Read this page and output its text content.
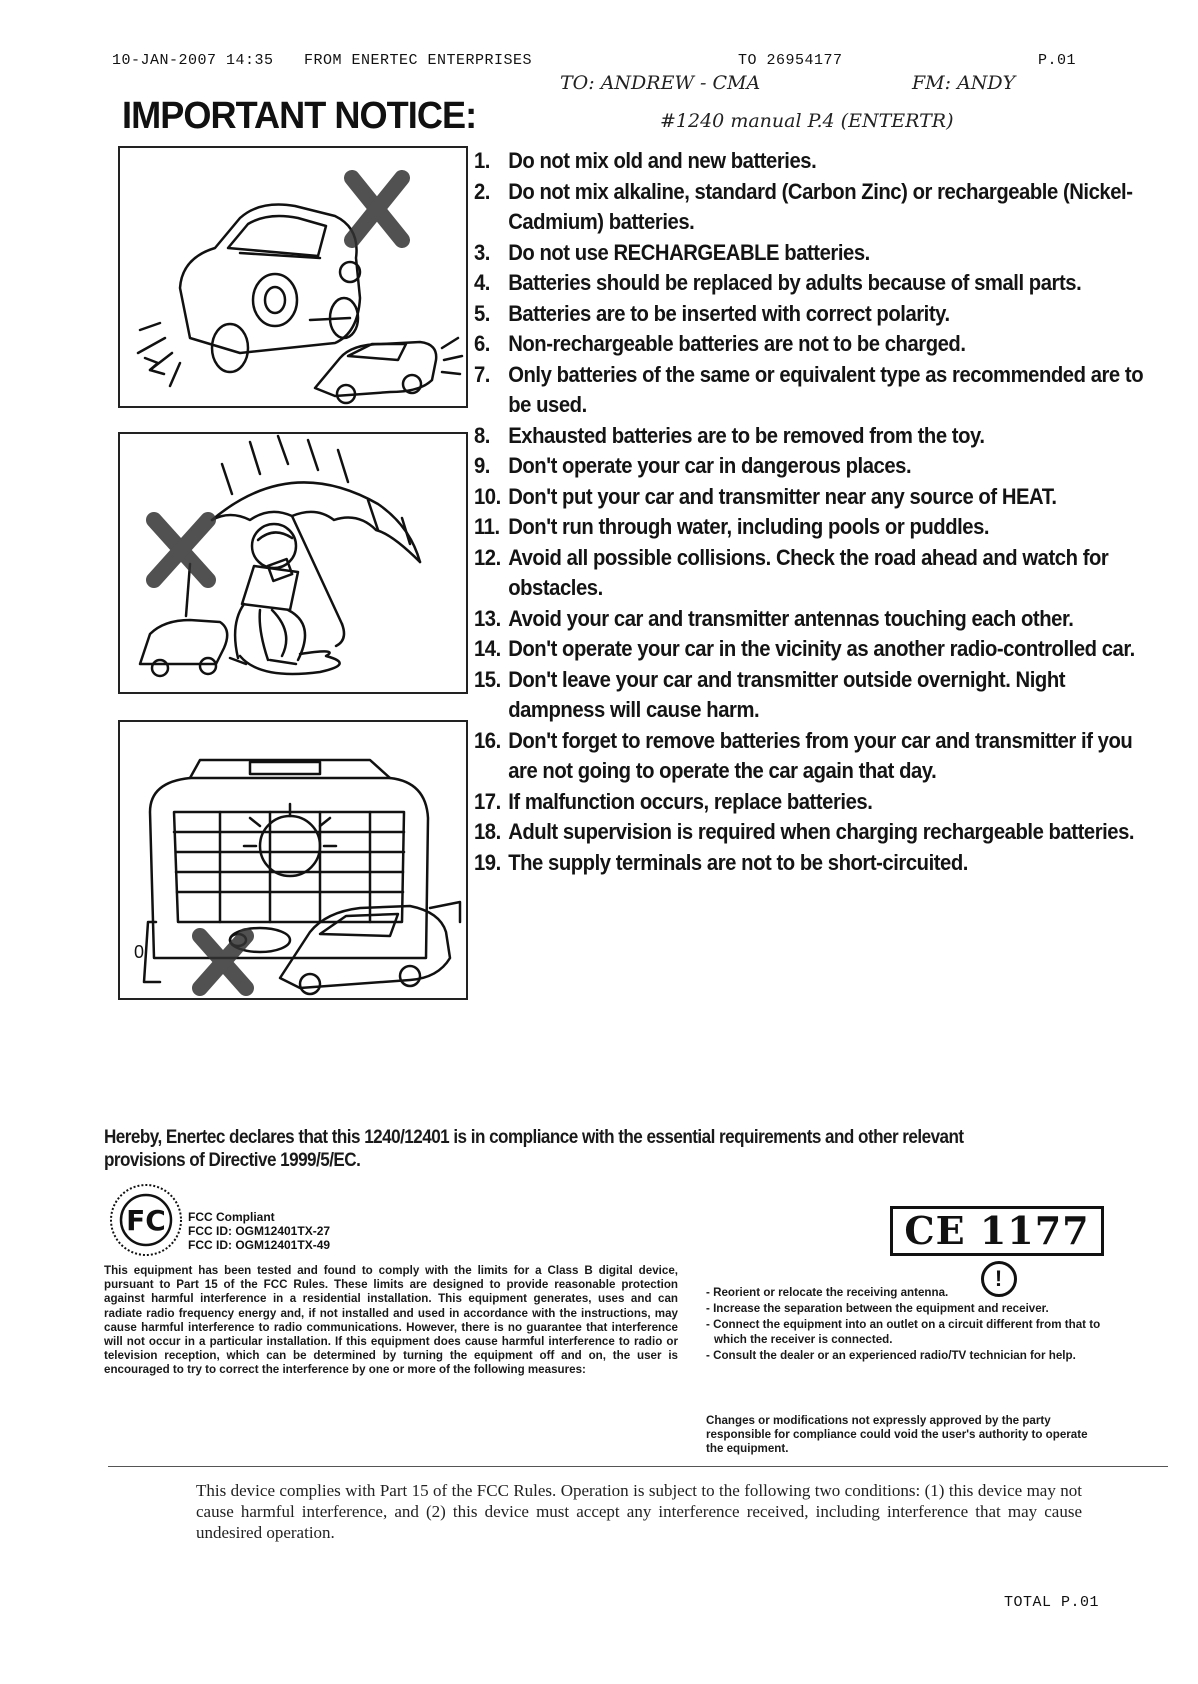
10-JAN-2007 14:35 FROM ENERTEC ENTERPRISES	TO 26954177	P.01
TO: ANDREW - CMA	FM: ANDY
#1240 manual P.4 (ENTERTR)
IMPORTANT NOTICE:
0
1. Do not mix old and new batteries.
2. Do not mix alkaline, standard (Carbon Zinc) or rechargeable (Nickel-Cadmium) batteries.
3. Do not use RECHARGEABLE batteries.
4. Batteries should be replaced by adults because of small parts.
5. Batteries are to be inserted with correct polarity.
6. Non-rechargeable batteries are not to be charged.
7. Only batteries of the same or equivalent type as recommended are to be used.
8. Exhausted batteries are to be removed from the toy.
9. Don't operate your car in dangerous places.
10. Don't put your car and transmitter near any source of HEAT.
11. Don't run through water, including pools or puddles.
12. Avoid all possible collisions. Check the road ahead and watch for obstacles.
13. Avoid your car and transmitter antennas touching each other.
14. Don't operate your car in the vicinity as another radio-controlled car.
15. Don't leave your car and transmitter outside overnight. Night dampness will cause harm.
16. Don't forget to remove batteries from your car and transmitter if you are not going to operate the car again that day.
17. If malfunction occurs, replace batteries.
18. Adult supervision is required when charging rechargeable batteries.
19. The supply terminals are not to be short-circuited.
Hereby, Enertec declares that this 1240/12401 is in compliance with the essential requirements and other relevant provisions of Directive 1999/5/EC.
FC FCC Compliant
FCC ID: OGM12401TX-27
FCC ID: OGM12401TX-49	CE 1177!
This equipment has been tested and found to comply with the limits for a Class B digital device, pursuant to Part 15 of the FCC Rules. These limits are designed to provide reasonable protection against harmful interference in a residential installation. This equipment generates, uses and can radiate radio frequency energy and, if not installed and used in accordance with the instructions, may cause harmful interference to radio communications. However, there is no guarantee that interference will not occur in a particular installation. If this equipment does cause harmful interference to radio or television reception, which can be determined by turning the equipment off and on, the user is encouraged to try to correct the interference by one or more of the following measures:
- Reorient or relocate the receiving antenna.
- Increase the separation between the equipment and receiver.
- Connect the equipment into an outlet on a circuit different from that to which the receiver is connected.
- Consult the dealer or an experienced radio/TV technician for help.
Changes or modifications not expressly approved by the party responsible for compliance could void the user's authority to operate the equipment.
This device complies with Part 15 of the FCC Rules. Operation is subject to the following two conditions: (1) this device may not cause harmful interference, and (2) this device must accept any interference received, including interference that may cause undesired operation.
TOTAL P.01
